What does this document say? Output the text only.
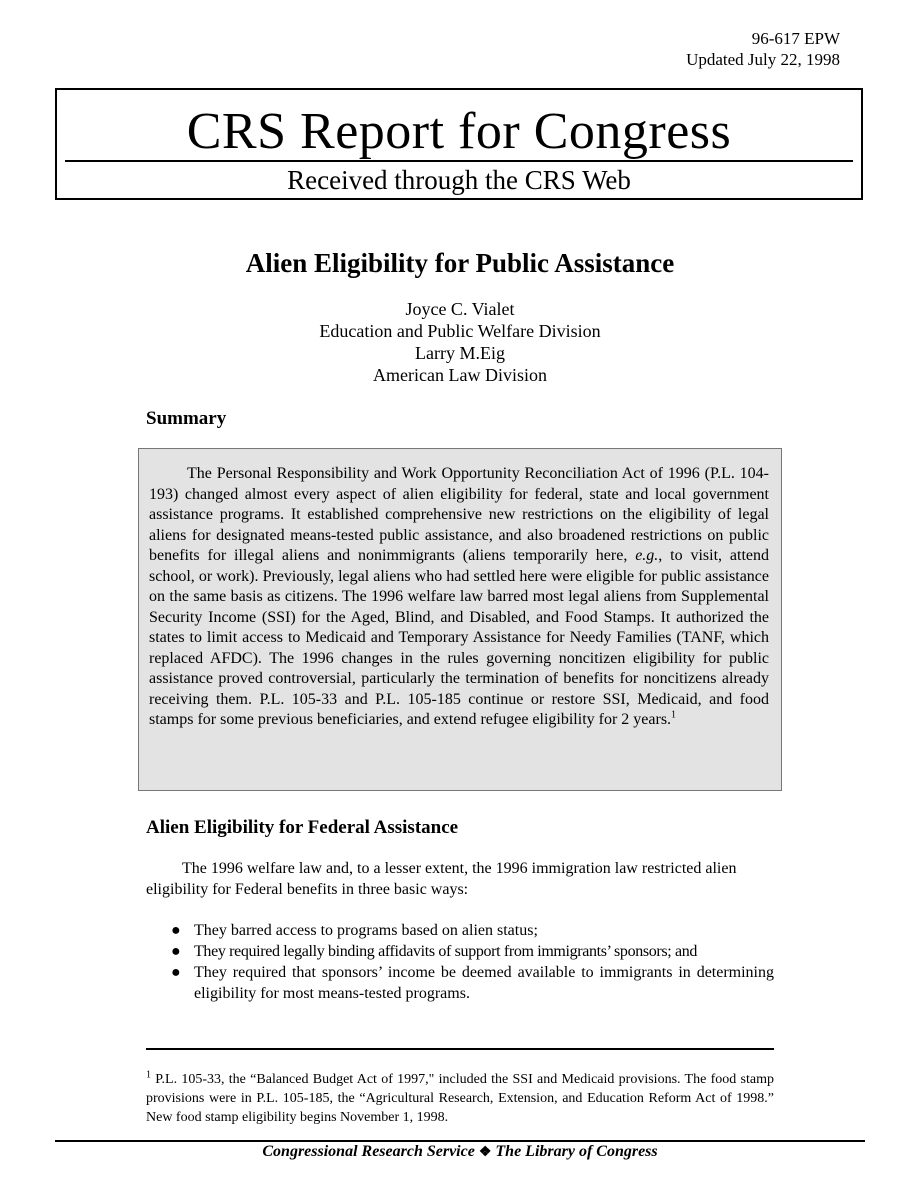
96-617 EPW
Updated July 22, 1998
CRS Report for Congress
Received through the CRS Web
Alien Eligibility for Public Assistance
Joyce C. Vialet
Education and Public Welfare Division
Larry M.Eig
American Law Division
Summary

The Personal Responsibility and Work Opportunity Reconciliation Act of 1996 (P.L. 104-193) changed almost every aspect of alien eligibility for federal, state and local government assistance programs. It established comprehensive new restrictions on the eligibility of legal aliens for designated means-tested public assistance, and also broadened restrictions on public benefits for illegal aliens and nonimmigrants (aliens temporarily here, e.g., to visit, attend school, or work). Previously, legal aliens who had settled here were eligible for public assistance on the same basis as citizens. The 1996 welfare law barred most legal aliens from Supplemental Security Income (SSI) for the Aged, Blind, and Disabled, and Food Stamps. It authorized the states to limit access to Medicaid and Temporary Assistance for Needy Families (TANF, which replaced AFDC). The 1996 changes in the rules governing noncitizen eligibility for public assistance proved controversial, particularly the termination of benefits for noncitizens already receiving them. P.L. 105-33 and P.L. 105-185 continue or restore SSI, Medicaid, and food stamps for some previous beneficiaries, and extend refugee eligibility for 2 years.$^1$

Alien Eligibility for Federal Assistance

The 1996 welfare law and, to a lesser extent, the 1996 immigration law restricted alien eligibility for Federal benefits in three basic ways:

● They barred access to programs based on alien status;
● They required legally binding affidavits of support from immigrants’ sponsors; and
● They required that sponsors’ income be deemed available to immigrants in determining eligibility for most means-tested programs.

$^1$ P.L. 105-33, the “Balanced Budget Act of 1997," included the SSI and Medicaid provisions. The food stamp provisions were in P.L. 105-185, the “Agricultural Research, Extension, and Education Reform Act of 1998.” New food stamp eligibility begins November 1, 1998.

Congressional Research Service ❖ The Library of Congress
